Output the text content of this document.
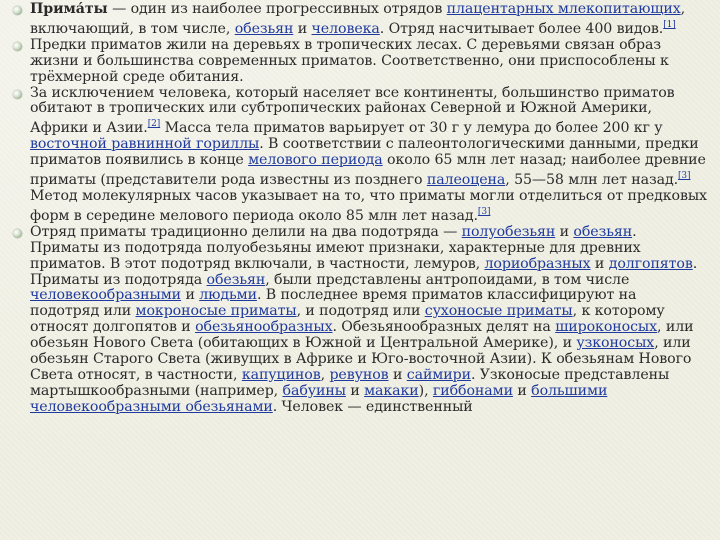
Прима́ты — один из наиболее прогрессивных отрядов плацентарных млекопитающих, включающий, в том числе, обезьян и человека. Отряд насчитывает более 400 видов.[1]
Предки приматов жили на деревьях в тропических лесах. С деревьями связан образ жизни и большинства современных приматов. Соответственно, они приспособлены к трёхмерной среде обитания.
За исключением человека, который населяет все континенты, большинство приматов обитают в тропических или субтропических районах Северной и Южной Америки, Африки и Азии.[2] Масса тела приматов варьирует от 30 г у лемура до более 200 кг у восточной равнинной гориллы. В соответствии с палеонтологическими данными, предки приматов появились в конце мелового периода около 65 млн лет назад; наиболее древние приматы (представители рода известны из позднего палеоцена, 55—58 млн лет назад.[3] Метод молекулярных часов указывает на то, что приматы могли отделиться от предковых форм в середине мелового периода около 85 млн лет назад.[3]
Отряд приматы традиционно делили на два подотряда — полуобезьян и обезьян. Приматы из подотряда полуобезьяны имеют признаки, характерные для древних приматов. В этот подотряд включали, в частности, лемуров, лориобразных и долгопятов. Приматы из подотряда обезьян, были представлены антропоидами, в том числе человекообразными и людьми. В последнее время приматов классифицируют на подотряд или мокроносые приматы, и подотряд или сухоносые приматы, к которому относят долгопятов и обезьянообразных. Обезьянообразных делят на широконосых, или обезьян Нового Света (обитающих в Южной и Центральной Америке), и узконосых, или обезьян Старого Света (живущих в Африке и Юго-восточной Азии). К обезьянам Нового Света относят, в частности, капуцинов, ревунов и саймири. Узконосые представлены мартышкообразными (например, бабуины и макаки), гиббонами и большими человекообразными обезьянами. Человек — единственный
